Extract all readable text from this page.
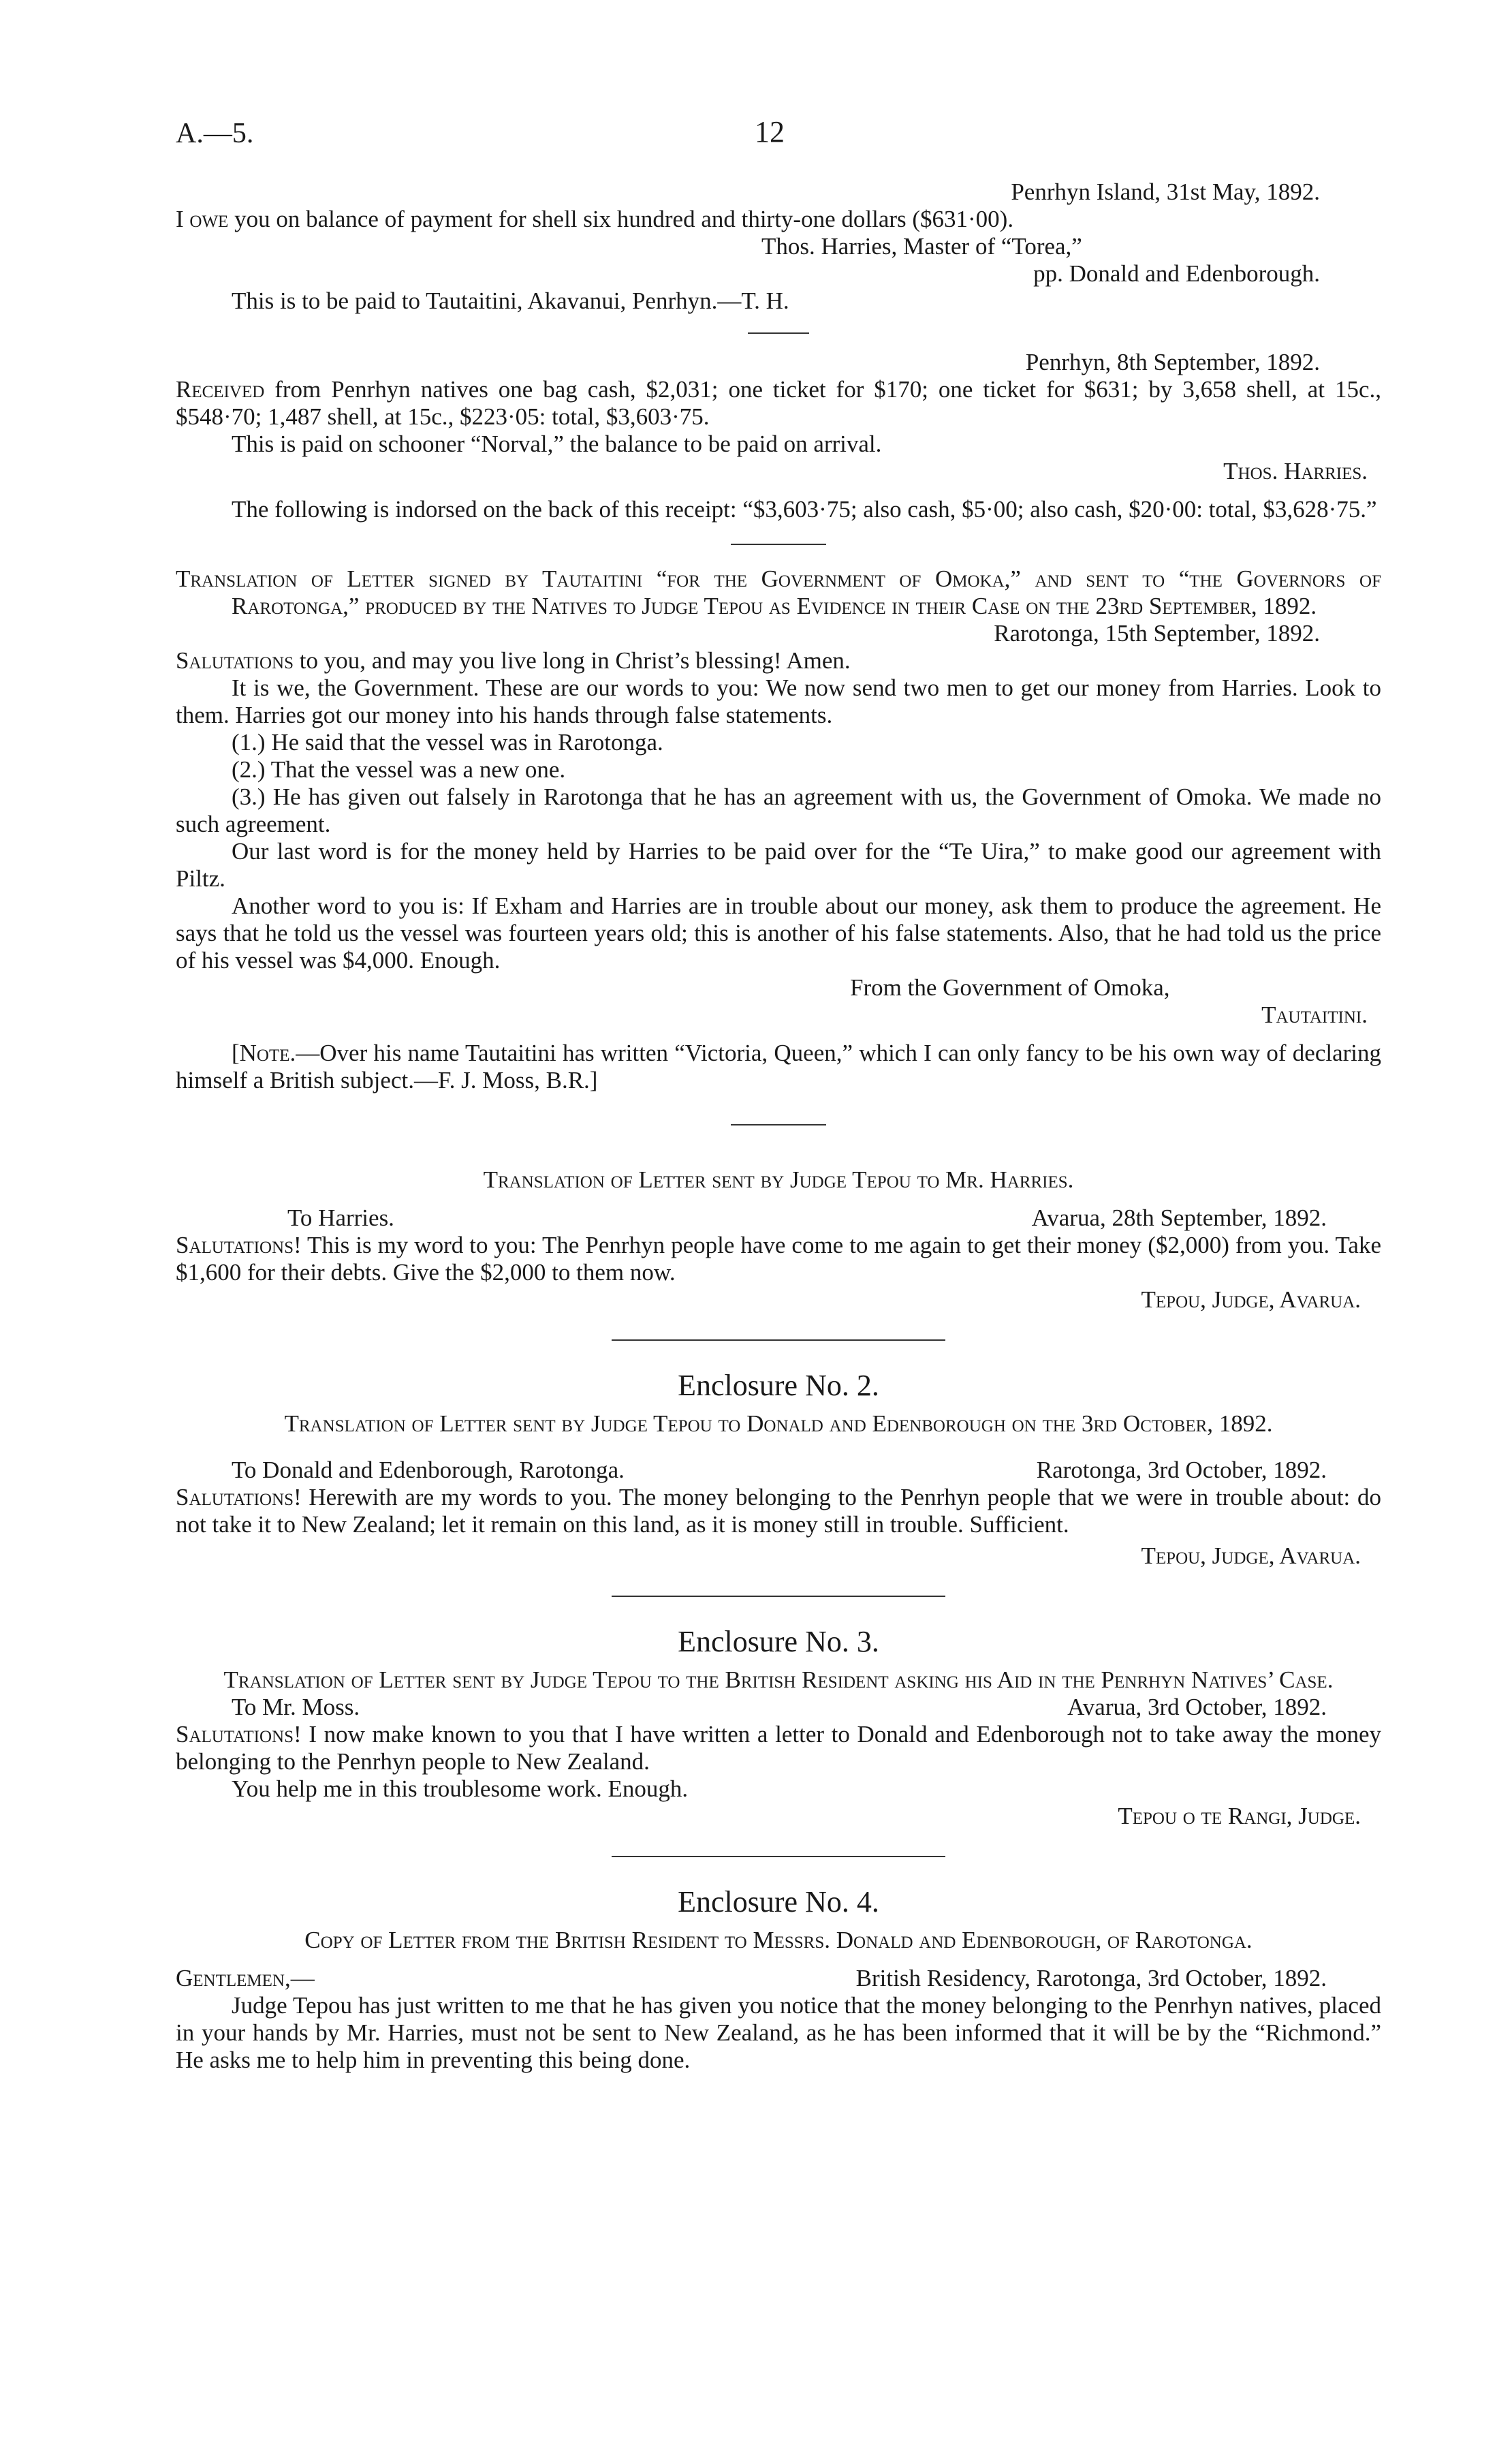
A.—5.	12

Penrhyn Island, 31st May, 1892.

I owe you on balance of payment for shell six hundred and thirty-one dollars ($631·00).

Thos. Harries, Master of “Torea,”

pp. Donald and Edenborough.

This is to be paid to Tautaitini, Akavanui, Penrhyn.—T. H.

Penrhyn, 8th September, 1892.

Received from Penrhyn natives one bag cash, $2,031; one ticket for $170; one ticket for $631; by 3,658 shell, at 15c., $548·70; 1,487 shell, at 15c., $223·05: total, $3,603·75.

This is paid on schooner “Norval,” the balance to be paid on arrival.

Thos. Harries.

The following is indorsed on the back of this receipt: “$3,603·75; also cash, $5·00; also cash, $20·00: total, $3,628·75.”

Translation of Letter signed by Tautaitini “for the Government of Omoka,” and sent to “the Governors of Rarotonga,” produced by the Natives to Judge Tepou as Evidence in their Case on the 23rd September, 1892.

Rarotonga, 15th September, 1892.

Salutations to you, and may you live long in Christ’s blessing! Amen.

It is we, the Government. These are our words to you: We now send two men to get our money from Harries. Look to them. Harries got our money into his hands through false statements.

(1.) He said that the vessel was in Rarotonga.

(2.) That the vessel was a new one.

(3.) He has given out falsely in Rarotonga that he has an agreement with us, the Government of Omoka. We made no such agreement.

Our last word is for the money held by Harries to be paid over for the “Te Uira,” to make good our agreement with Piltz.

Another word to you is: If Exham and Harries are in trouble about our money, ask them to produce the agreement. He says that he told us the vessel was fourteen years old; this is another of his false statements. Also, that he had told us the price of his vessel was $4,000. Enough.

From the Government of Omoka,

Tautaitini.

[Note.—Over his name Tautaitini has written “Victoria, Queen,” which I can only fancy to be his own way of declaring himself a British subject.—F. J. Moss, B.R.]

Translation of Letter sent by Judge Tepou to Mr. Harries.

To Harries.	Avarua, 28th September, 1892.

Salutations! This is my word to you: The Penrhyn people have come to me again to get their money ($2,000) from you. Take $1,600 for their debts. Give the $2,000 to them now.

Tepou, Judge, Avarua.

Enclosure No. 2.

Translation of Letter sent by Judge Tepou to Donald and Edenborough on the 3rd October, 1892.

To Donald and Edenborough, Rarotonga.	Rarotonga, 3rd October, 1892.

Salutations! Herewith are my words to you. The money belonging to the Penrhyn people that we were in trouble about: do not take it to New Zealand; let it remain on this land, as it is money still in trouble. Sufficient.

Tepou, Judge, Avarua.

Enclosure No. 3.

Translation of Letter sent by Judge Tepou to the British Resident asking his Aid in the Penrhyn Natives’ Case.

To Mr. Moss.	Avarua, 3rd October, 1892.

Salutations! I now make known to you that I have written a letter to Donald and Edenborough not to take away the money belonging to the Penrhyn people to New Zealand.

You help me in this troublesome work. Enough.

Tepou o te Rangi, Judge.

Enclosure No. 4.

Copy of Letter from the British Resident to Messrs. Donald and Edenborough, of Rarotonga.

Gentlemen,—	British Residency, Rarotonga, 3rd October, 1892.

Judge Tepou has just written to me that he has given you notice that the money belonging to the Penrhyn natives, placed in your hands by Mr. Harries, must not be sent to New Zealand, as he has been informed that it will be by the “Richmond.” He asks me to help him in preventing this being done.
